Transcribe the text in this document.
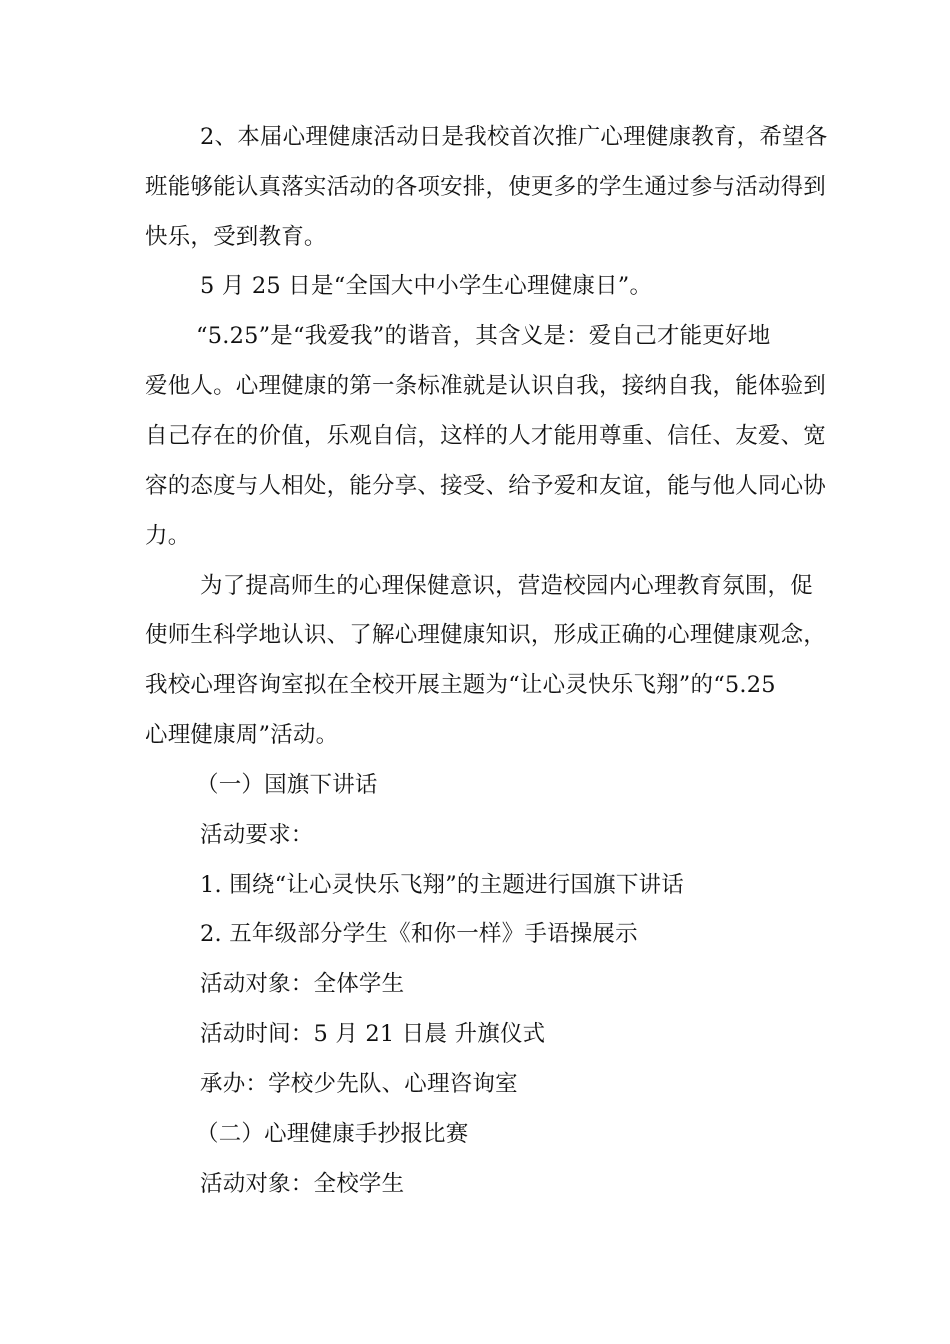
2、本届心理健康活动日是我校首次推广心理健康教育，希望各
班能够能认真落实活动的各项安排，使更多的学生通过参与活动得到
快乐，受到教育。
5 月 25 日是“全国大中小学生心理健康日”。
“5.25”是“我爱我”的谐音，其含义是：爱自己才能更好地
爱他人。心理健康的第一条标准就是认识自我，接纳自我，能体验到
自己存在的价值，乐观自信，这样的人才能用尊重、信任、友爱、宽
容的态度与人相处，能分享、接受、给予爱和友谊，能与他人同心协
力。
为了提高师生的心理保健意识，营造校园内心理教育氛围，促
使师生科学地认识、了解心理健康知识，形成正确的心理健康观念，
我校心理咨询室拟在全校开展主题为“让心灵快乐飞翔”的“5.25
心理健康周”活动。
（一）国旗下讲话
活动要求：
1. 围绕“让心灵快乐飞翔”的主题进行国旗下讲话
2. 五年级部分学生《和你一样》手语操展示
活动对象：全体学生
活动时间：5 月 21 日晨 升旗仪式
承办：学校少先队、心理咨询室
（二）心理健康手抄报比赛
活动对象：全校学生
